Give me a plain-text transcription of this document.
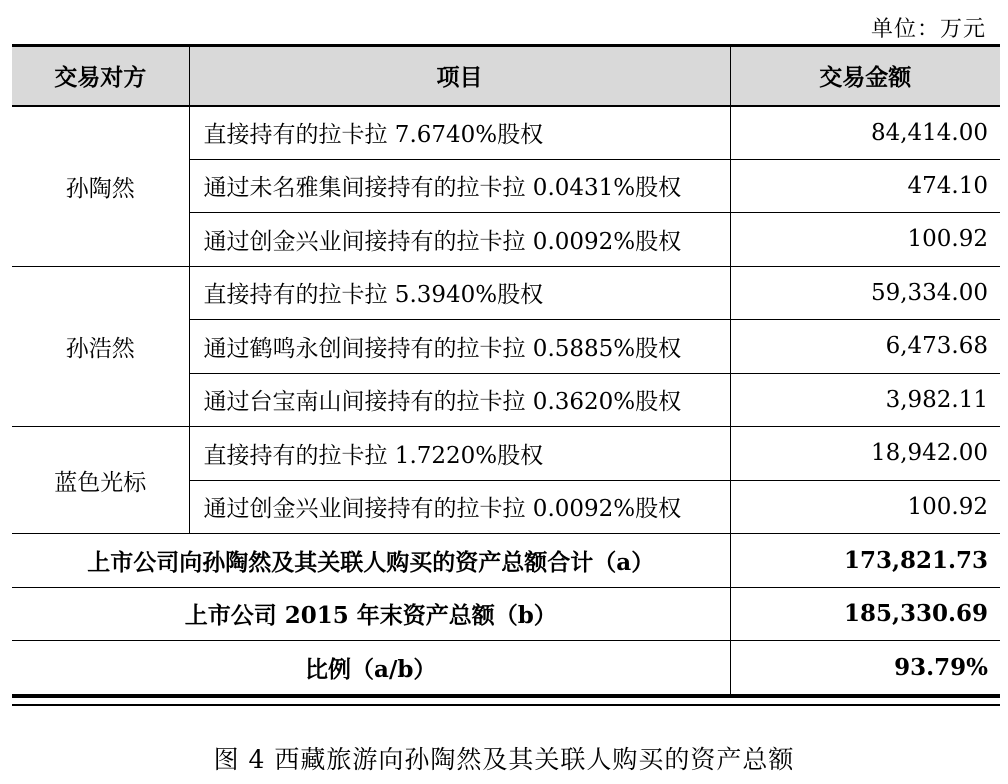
单位：万元
交易对方	项目	交易金额
孙陶然	直接持有的拉卡拉 7.6740%股权	84,414.00
	通过未名雅集间接持有的拉卡拉 0.0431%股权	474.10
	通过创金兴业间接持有的拉卡拉 0.0092%股权	100.92
孙浩然	直接持有的拉卡拉 5.3940%股权	59,334.00
	通过鹤鸣永创间接持有的拉卡拉 0.5885%股权	6,473.68
	通过台宝南山间接持有的拉卡拉 0.3620%股权	3,982.11
蓝色光标	直接持有的拉卡拉 1.7220%股权	18,942.00
	通过创金兴业间接持有的拉卡拉 0.0092%股权	100.92
上市公司向孙陶然及其关联人购买的资产总额合计（a）		173,821.73
上市公司 2015 年末资产总额（b）		185,330.69
比例（a/b）		93.79%
图 4 西藏旅游向孙陶然及其关联人购买的资产总额
